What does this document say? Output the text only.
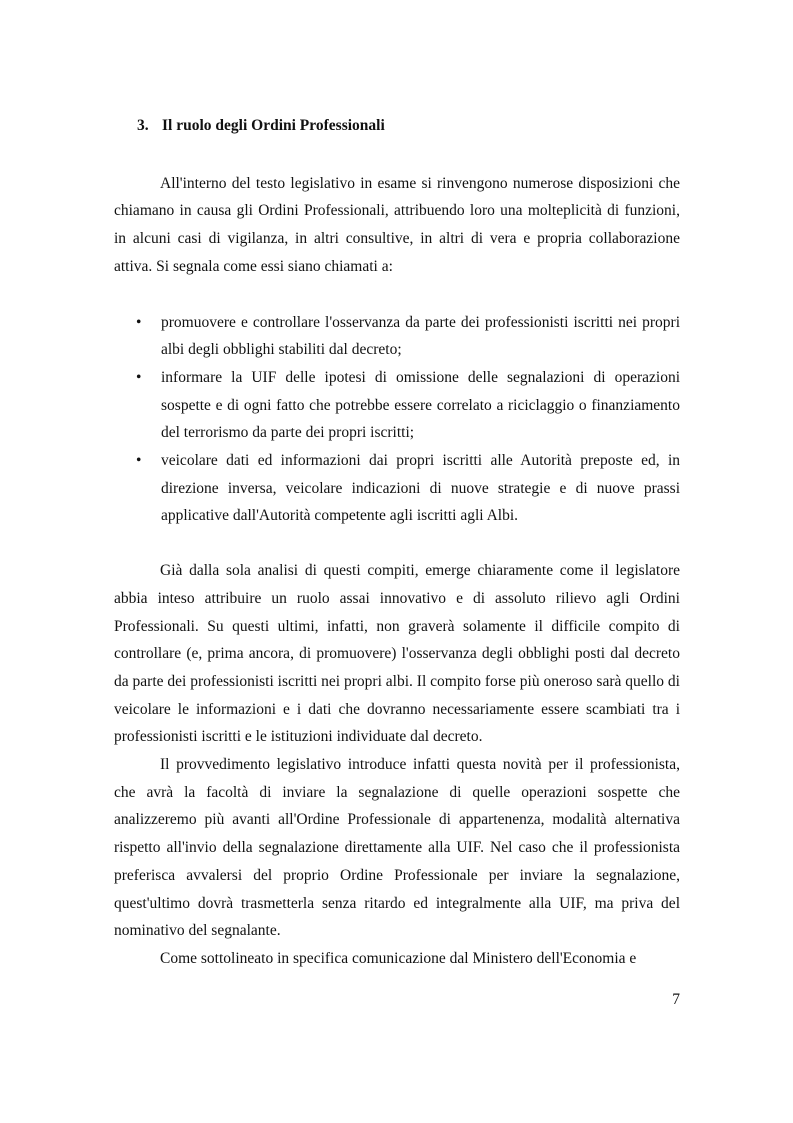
3. Il ruolo degli Ordini Professionali

All'interno del testo legislativo in esame si rinvengono numerose disposizioni che chiamano in causa gli Ordini Professionali, attribuendo loro una molteplicità di funzioni, in alcuni casi di vigilanza, in altri consultive, in altri di vera e propria collaborazione attiva. Si segnala come essi siano chiamati a:

• promuovere e controllare l'osservanza da parte dei professionisti iscritti nei propri albi degli obblighi stabiliti dal decreto;
• informare la UIF delle ipotesi di omissione delle segnalazioni di operazioni sospette e di ogni fatto che potrebbe essere correlato a riciclaggio o finanziamento del terrorismo da parte dei propri iscritti;
• veicolare dati ed informazioni dai propri iscritti alle Autorità preposte ed, in direzione inversa, veicolare indicazioni di nuove strategie e di nuove prassi applicative dall'Autorità competente agli iscritti agli Albi.

Già dalla sola analisi di questi compiti, emerge chiaramente come il legislatore abbia inteso attribuire un ruolo assai innovativo e di assoluto rilievo agli Ordini Professionali. Su questi ultimi, infatti, non graverà solamente il difficile compito di controllare (e, prima ancora, di promuovere) l'osservanza degli obblighi posti dal decreto da parte dei professionisti iscritti nei propri albi. Il compito forse più oneroso sarà quello di veicolare le informazioni e i dati che dovranno necessariamente essere scambiati tra i professionisti iscritti e le istituzioni individuate dal decreto.

Il provvedimento legislativo introduce infatti questa novità per il professionista, che avrà la facoltà di inviare la segnalazione di quelle operazioni sospette che analizzeremo più avanti all'Ordine Professionale di appartenenza, modalità alternativa rispetto all'invio della segnalazione direttamente alla UIF. Nel caso che il professionista preferisca avvalersi del proprio Ordine Professionale per inviare la segnalazione, quest'ultimo dovrà trasmetterla senza ritardo ed integralmente alla UIF, ma priva del nominativo del segnalante.

Come sottolineato in specifica comunicazione dal Ministero dell'Economia e

7
